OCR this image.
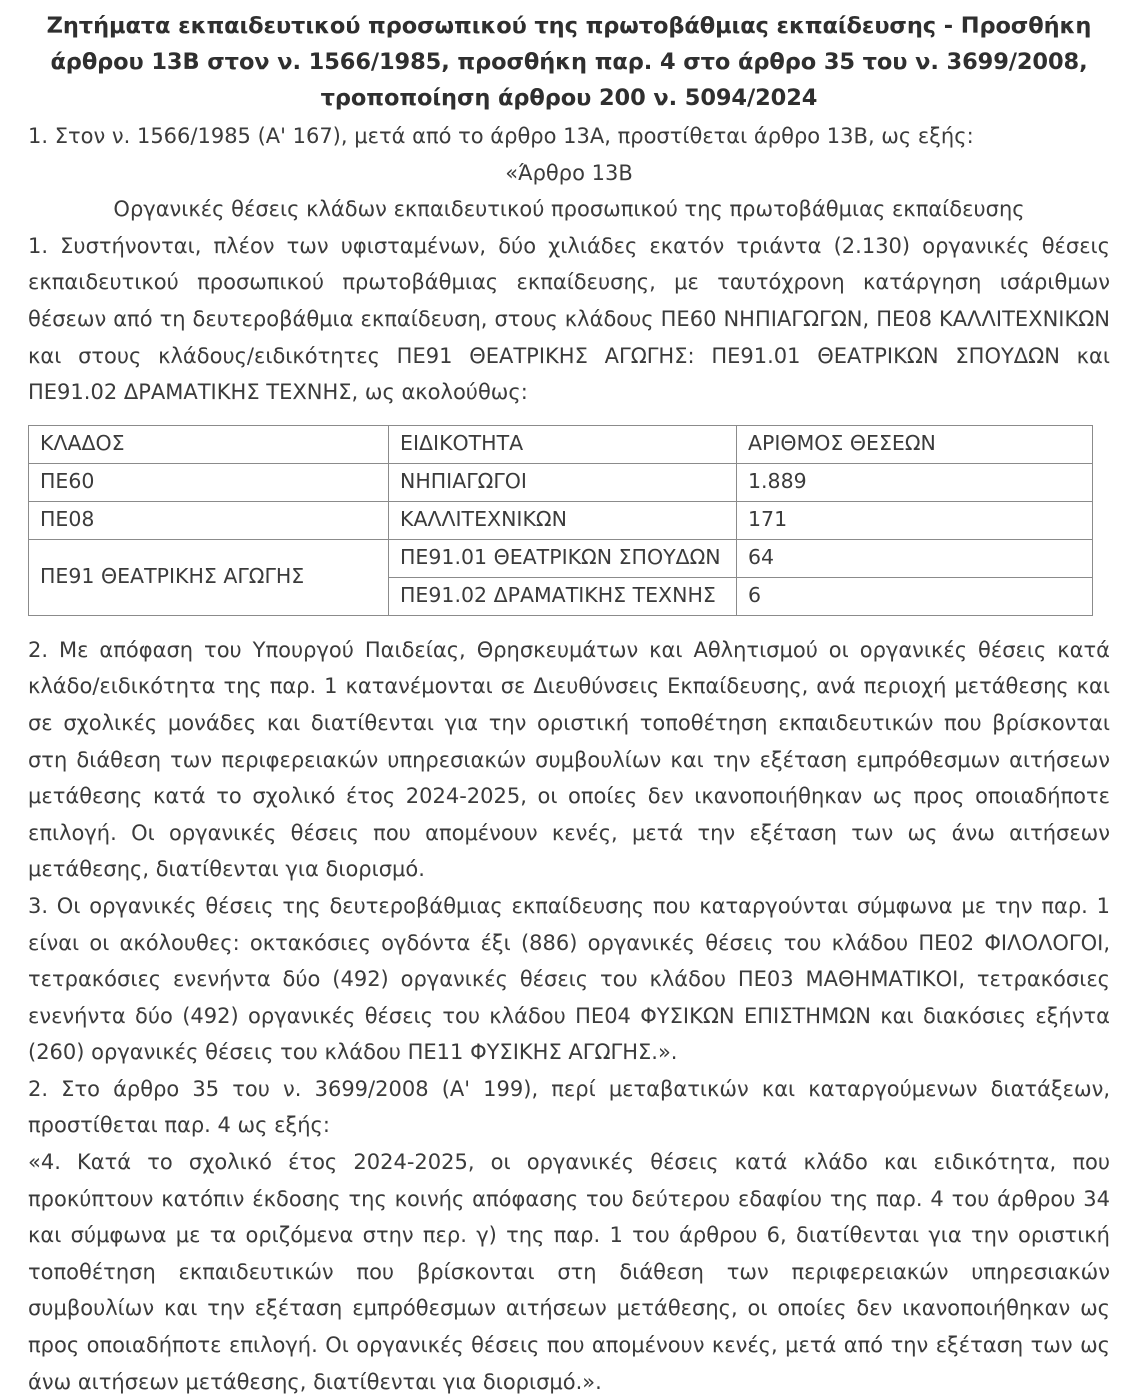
Ζητήματα εκπαιδευτικού προσωπικού της πρωτοβάθμιας εκπαίδευσης - Προσθήκη άρθρου 13Β στον ν. 1566/1985, προσθήκη παρ. 4 στο άρθρο 35 του ν. 3699/2008, τροποποίηση άρθρου 200 ν. 5094/2024

1. Στον ν. 1566/1985 (Α' 167), μετά από το άρθρο 13Α, προστίθεται άρθρο 13Β, ως εξής:

«Άρθρο 13Β

Οργανικές θέσεις κλάδων εκπαιδευτικού προσωπικού της πρωτοβάθμιας εκπαίδευσης

1. Συστήνονται, πλέον των υφισταμένων, δύο χιλιάδες εκατόν τριάντα (2.130) οργανικές θέσεις εκπαιδευτικού προσωπικού πρωτοβάθμιας εκπαίδευσης, με ταυτόχρονη κατάργηση ισάριθμων θέσεων από τη δευτεροβάθμια εκπαίδευση, στους κλάδους ΠΕ60 ΝΗΠΙΑΓΩΓΩΝ, ΠΕ08 ΚΑΛΛΙΤΕΧΝΙΚΩΝ και στους κλάδους/ειδικότητες ΠΕ91 ΘΕΑΤΡΙΚΗΣ ΑΓΩΓΗΣ: ΠΕ91.01 ΘΕΑΤΡΙΚΩΝ ΣΠΟΥΔΩΝ και ΠΕ91.02 ΔΡΑΜΑΤΙΚΗΣ ΤΕΧΝΗΣ, ως ακολούθως:

ΚΛΑΔΟΣ	ΕΙΔΙΚΟΤΗΤΑ	ΑΡΙΘΜΟΣ ΘΕΣΕΩΝ
ΠΕ60	ΝΗΠΙΑΓΩΓΟΙ	1.889
ΠΕ08	ΚΑΛΛΙΤΕΧΝΙΚΩΝ	171
ΠΕ91 ΘΕΑΤΡΙΚΗΣ ΑΓΩΓΗΣ	ΠΕ91.01 ΘΕΑΤΡΙΚΩΝ ΣΠΟΥΔΩΝ	64
	ΠΕ91.02 ΔΡΑΜΑΤΙΚΗΣ ΤΕΧΝΗΣ	6

2. Με απόφαση του Υπουργού Παιδείας, Θρησκευμάτων και Αθλητισμού οι οργανικές θέσεις κατά κλάδο/ειδικότητα της παρ. 1 κατανέμονται σε Διευθύνσεις Εκπαίδευσης, ανά περιοχή μετάθεσης και σε σχολικές μονάδες και διατίθενται για την οριστική τοποθέτηση εκπαιδευτικών που βρίσκονται στη διάθεση των περιφερειακών υπηρεσιακών συμβουλίων και την εξέταση εμπρόθεσμων αιτήσεων μετάθεσης κατά το σχολικό έτος 2024-2025, οι οποίες δεν ικανοποιήθηκαν ως προς οποιαδήποτε επιλογή. Οι οργανικές θέσεις που απομένουν κενές, μετά την εξέταση των ως άνω αιτήσεων μετάθεσης, διατίθενται για διορισμό.

3. Οι οργανικές θέσεις της δευτεροβάθμιας εκπαίδευσης που καταργούνται σύμφωνα με την παρ. 1 είναι οι ακόλουθες: οκτακόσιες ογδόντα έξι (886) οργανικές θέσεις του κλάδου ΠΕ02 ΦΙΛΟΛΟΓΟΙ, τετρακόσιες ενενήντα δύο (492) οργανικές θέσεις του κλάδου ΠΕ03 ΜΑΘΗΜΑΤΙΚΟΙ, τετρακόσιες ενενήντα δύο (492) οργανικές θέσεις του κλάδου ΠΕ04 ΦΥΣΙΚΩΝ ΕΠΙΣΤΗΜΩΝ και διακόσιες εξήντα (260) οργανικές θέσεις του κλάδου ΠΕ11 ΦΥΣΙΚΗΣ ΑΓΩΓΗΣ.».

2. Στο άρθρο 35 του ν. 3699/2008 (Α' 199), περί μεταβατικών και καταργούμενων διατάξεων, προστίθεται παρ. 4 ως εξής:

«4. Κατά το σχολικό έτος 2024-2025, οι οργανικές θέσεις κατά κλάδο και ειδικότητα, που προκύπτουν κατόπιν έκδοσης της κοινής απόφασης του δεύτερου εδαφίου της παρ. 4 του άρθρου 34 και σύμφωνα με τα οριζόμενα στην περ. γ) της παρ. 1 του άρθρου 6, διατίθενται για την οριστική τοποθέτηση εκπαιδευτικών που βρίσκονται στη διάθεση των περιφερειακών υπηρεσιακών συμβουλίων και την εξέταση εμπρόθεσμων αιτήσεων μετάθεσης, οι οποίες δεν ικανοποιήθηκαν ως προς οποιαδήποτε επιλογή. Οι οργανικές θέσεις που απομένουν κενές, μετά από την εξέταση των ως άνω αιτήσεων μετάθεσης, διατίθενται για διορισμό.».
